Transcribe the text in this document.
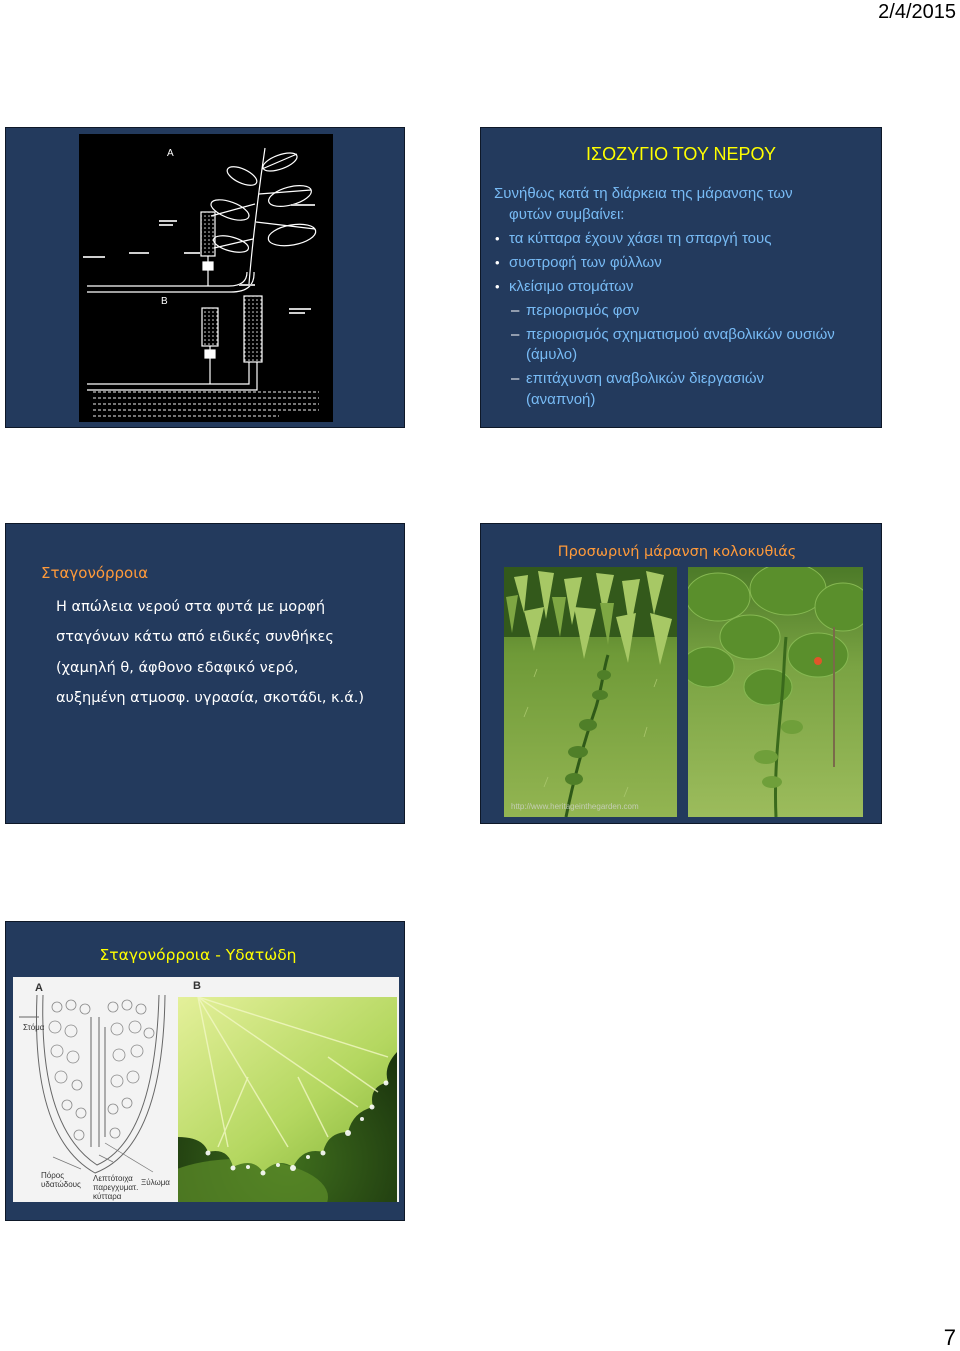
2/4/2015
A
B
ΙΣΟΖΥΓΙΟ ΤΟΥ ΝΕΡΟΥ
Συνήθως κατά τη διάρκεια της μάρανσης των
φυτών συμβαίνει:
• τα κύτταρα έχουν χάσει τη σπαργή τους
• συστροφή των φύλλων
• κλείσιμο στομάτων
– περιορισμός φσν
– περιορισμός σχηματισμού αναβολικών ουσιών
(άμυλο)
– επιτάχυνση αναβολικών διεργασιών
(αναπνοή)
Σταγονόρροια
Η απώλεια νερού στα φυτά με μορφή
σταγόνων κάτω από ειδικές συνθήκες
(χαμηλή θ, άφθονο εδαφικό νερό,
αυξημένη ατμοσφ. υγρασία, σκοτάδι, κ.ά.)
Προσωρινή μάρανση κολοκυθιάς
http://www.heritageinthegarden.com
Σταγονόρροια - Υδατώδη
A	B
Στόμα
Πόρος
υδατώδους
Λεπτότοιχα
παρεγχυματ.
κύτταρα
Ξύλωμα
7
